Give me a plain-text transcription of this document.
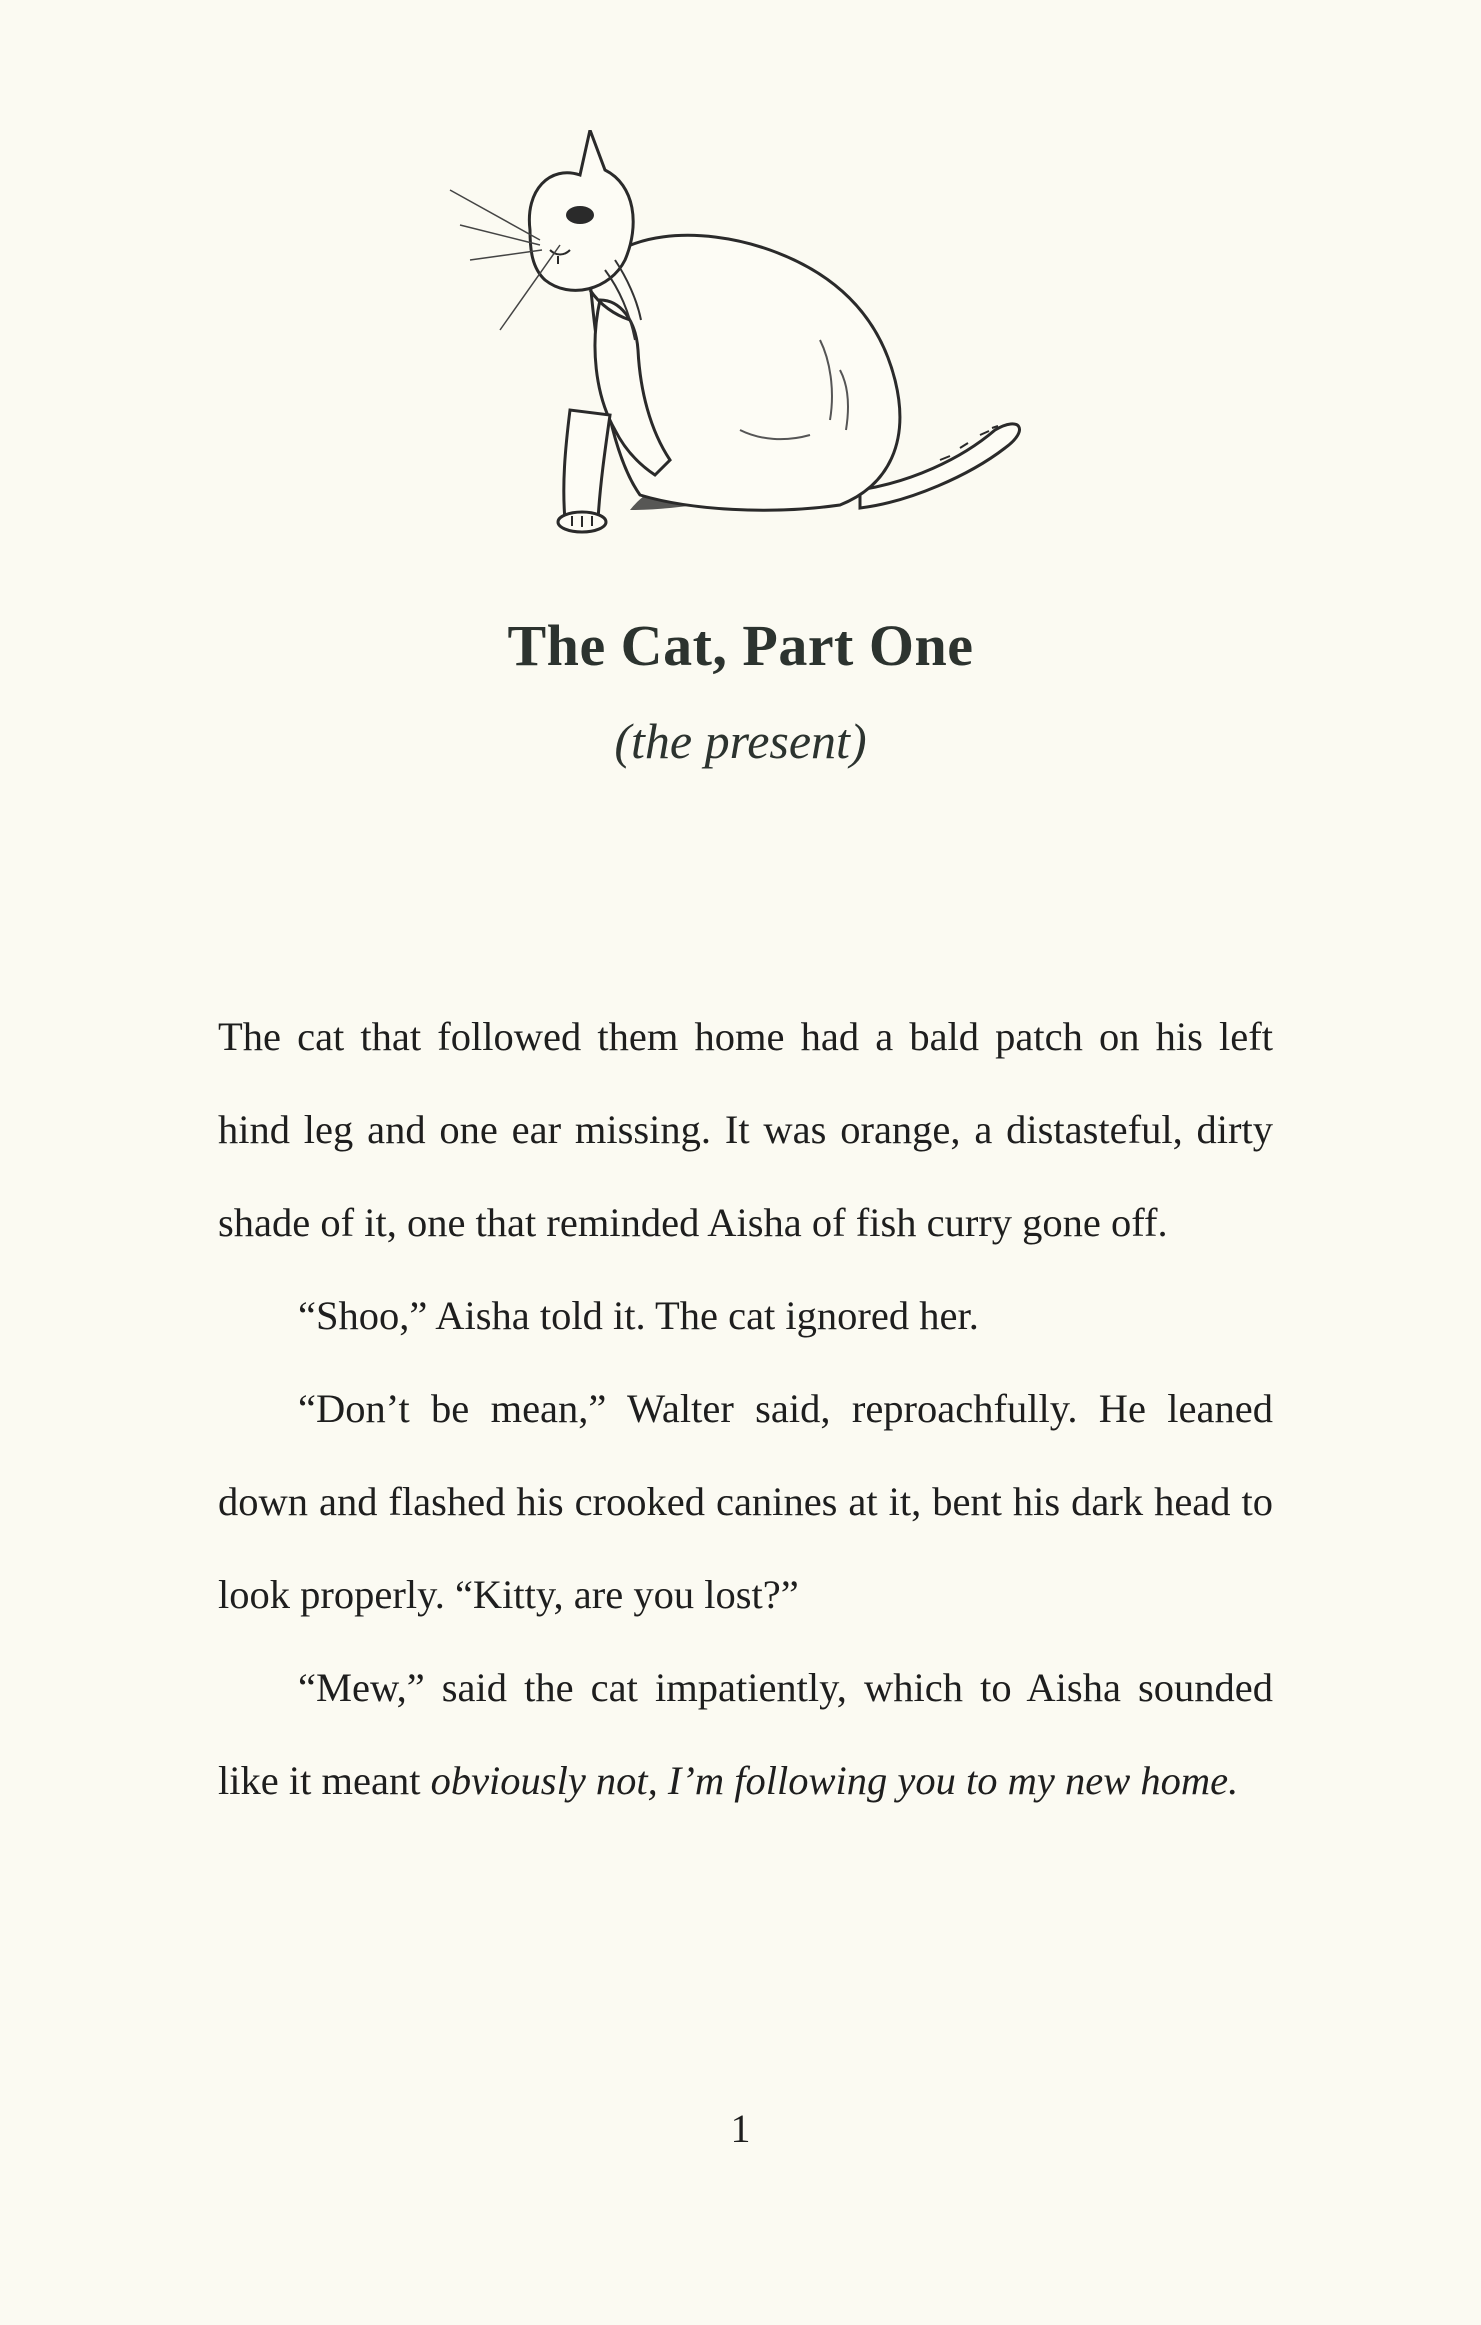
The Cat, Part One
(the present)

The cat that followed them home had a bald patch on his left hind leg and one ear missing. It was orange, a distasteful, dirty shade of it, one that reminded Aisha of fish curry gone off.

“Shoo,” Aisha told it. The cat ignored her.

“Don’t be mean,” Walter said, reproachfully. He leaned down and flashed his crooked canines at it, bent his dark head to look properly. “Kitty, are you lost?”

“Mew,” said the cat impatiently, which to Aisha sounded like it meant obviously not, I’m following you to my new home.

1
